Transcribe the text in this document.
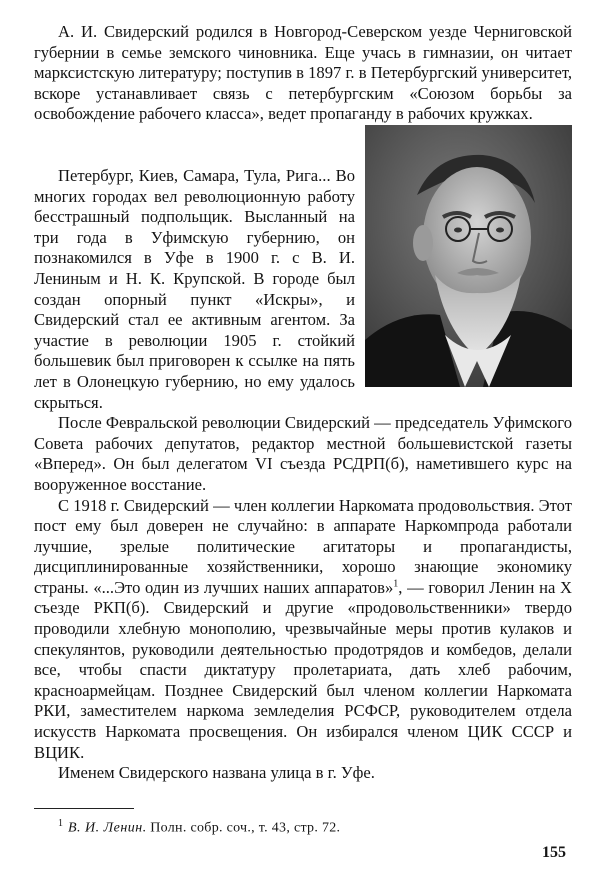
А. И. Свидерский родился в Новгород-Северском уезде Черниговской губернии в семье земского чиновника. Еще учась в гимназии, он читает марксистскую литературу; поступив в 1897 г. в Петербургский университет, вскоре устанавливает связь с петербургским «Союзом борьбы за освобождение рабочего класса», ведет пропаганду в рабочих кружках.

Петербург, Киев, Самара, Тула, Рига... Во многих городах вел революционную работу бесстрашный подпольщик. Высланный на три года в Уфимскую губернию, он познакомился в Уфе в 1900 г. с В. И. Лениным и Н. К. Крупской. В городе был создан опорный пункт «Искры», и Свидерский стал ее активным агентом. За участие в революции 1905 г. стойкий большевик был приговорен к ссылке на пять лет в Олонецкую губернию, но ему удалось скрыться.

После Февральской революции Свидерский — председатель Уфимского Совета рабочих депутатов, редактор местной большевистской газеты «Вперед». Он был делегатом VI съезда РСДРП(б), наметившего курс на вооруженное восстание.

С 1918 г. Свидерский — член коллегии Наркомата продовольствия. Этот пост ему был доверен не случайно: в аппарате Наркомпрода работали лучшие, зрелые политические агитаторы и пропагандисты, дисциплинированные хозяйственники, хорошо знающие экономику страны. «...Это один из лучших наших аппаратов»$^1$, — говорил Ленин на X съезде РКП(б). Свидерский и другие «продовольственники» твердо проводили хлебную монополию, чрезвычайные меры против кулаков и спекулянтов, руководили деятельностью продотрядов и комбедов, делали все, чтобы спасти диктатуру пролетариата, дать хлеб рабочим, красноармейцам. Позднее Свидерский был членом коллегии Наркомата РКИ, заместителем наркома земледелия РСФСР, руководителем отдела искусств Наркомата просвещения. Он избирался членом ЦИК СССР и ВЦИК.

Именем Свидерского названа улица в г. Уфе.

$^1$ В. И. Ленин. Полн. собр. соч., т. 43, стр. 72.
155
